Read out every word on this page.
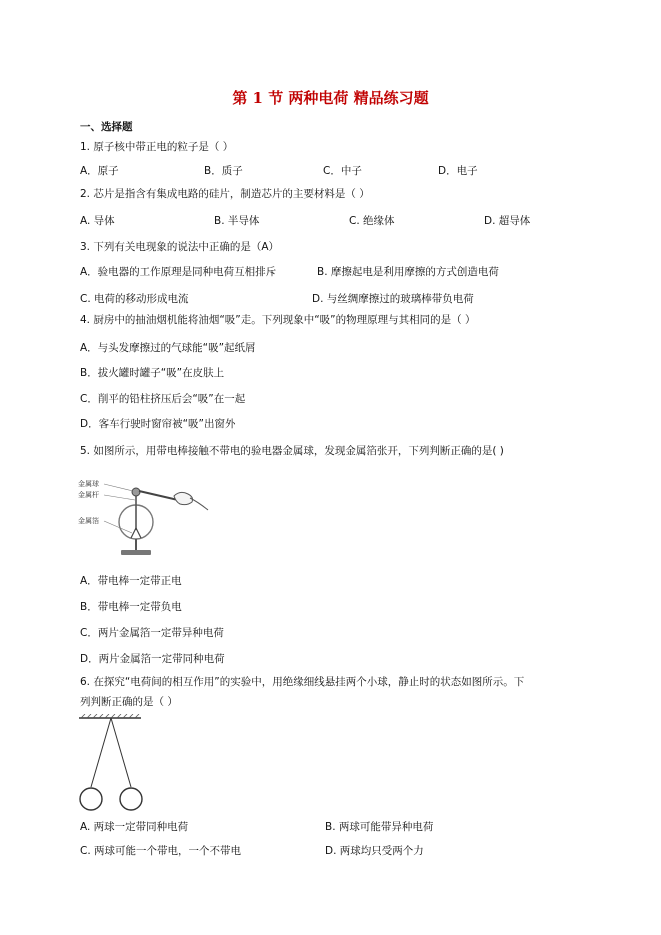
第 1 节 两种电荷 精品练习题
一、选择题
1. 原子核中带正电的粒子是（ ）
A．原子	B．质子	C．中子	D．电子
2. 芯片是指含有集成电路的硅片，制造芯片的主要材料是（ ）
A. 导体	B. 半导体	C. 绝缘体	D. 超导体
3. 下列有关电现象的说法中正确的是（A）
A．验电器的工作原理是同种电荷互相排斥	B. 摩擦起电是利用摩擦的方式创造电荷
C. 电荷的移动形成电流	D. 与丝绸摩擦过的玻璃棒带负电荷
4. 厨房中的抽油烟机能将油烟“吸”走。下列现象中“吸”的物理原理与其相同的是（ ）
A．与头发摩擦过的气球能“吸”起纸屑
B．拔火罐时罐子“吸”在皮肤上
C．削平的铅柱挤压后会“吸”在一起
D．客车行驶时窗帘被“吸”出窗外
5. 如图所示，用带电棒接触不带电的验电器金属球，发现金属箔张开，下列判断正确的是( )
金属球
金属杆
金属箔
A．带电棒一定带正电
B．带电棒一定带负电
C．两片金属箔一定带异种电荷
D．两片金属箔一定带同种电荷
6. 在探究“电荷间的相互作用”的实验中，用绝缘细线悬挂两个小球，静止时的状态如图所示。下
列判断正确的是（ ）
A. 两球一定带同种电荷	B. 两球可能带异种电荷
C. 两球可能一个带电，一个不带电	D. 两球均只受两个力
